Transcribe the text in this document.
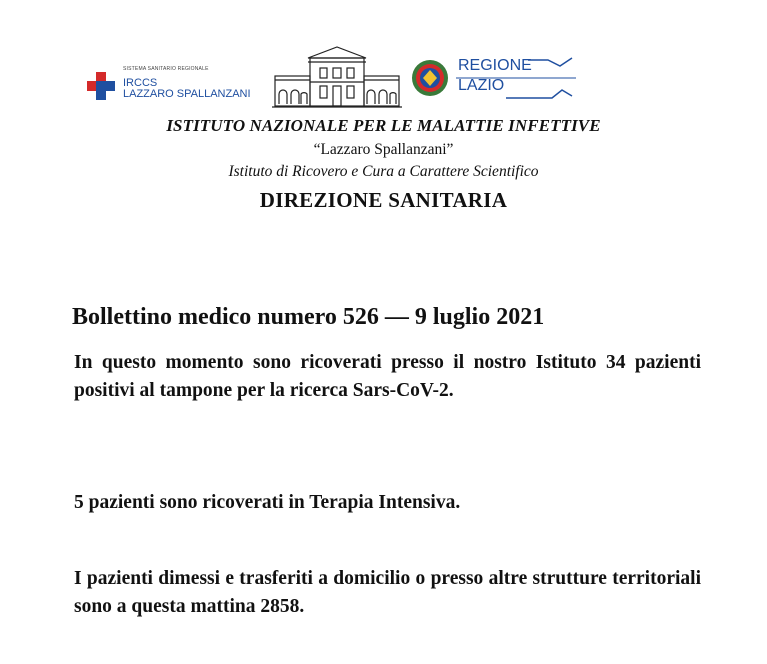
SISTEMA SANITARIO REGIONALE
IRCCS
LAZZARO SPALLANZANI
REGIONE
LAZIO
ISTITUTO NAZIONALE PER LE MALATTIE INFETTIVE
“Lazzaro Spallanzani”
Istituto di Ricovero e Cura a Carattere Scientifico
DIREZIONE SANITARIA
Bollettino medico numero 526 — 9 luglio 2021
In questo momento sono ricoverati presso il nostro Istituto 34 pazienti positivi al tampone per la ricerca Sars-CoV-2.
5 pazienti sono ricoverati in Terapia Intensiva.
I pazienti dimessi e trasferiti a domicilio o presso altre strutture territoriali sono a questa mattina 2858.
